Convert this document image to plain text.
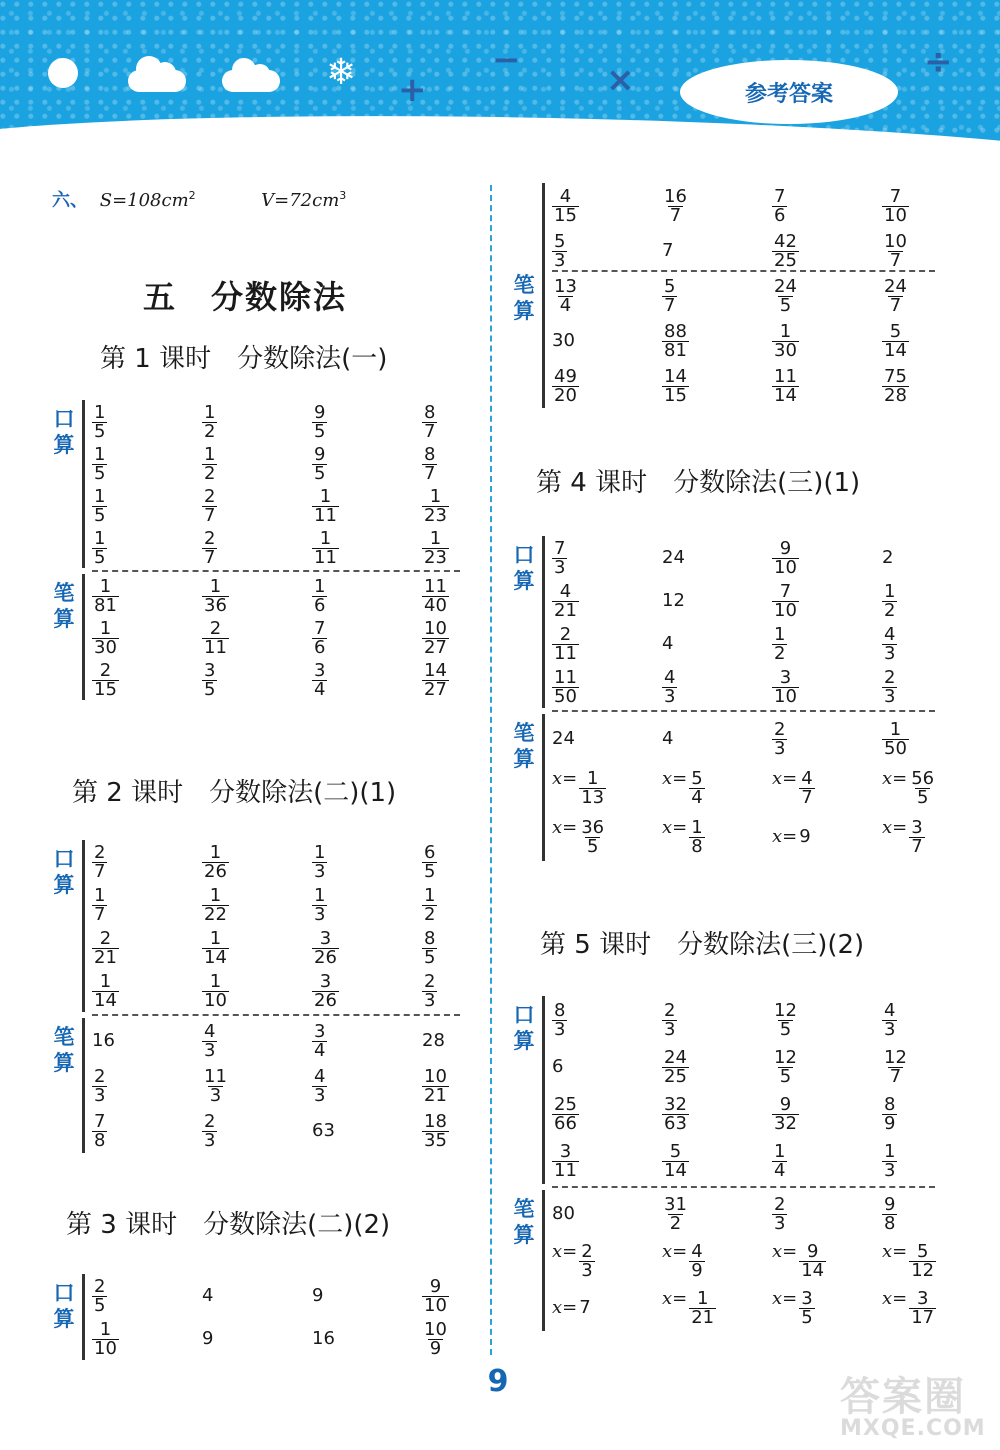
❄ +
−	×	÷
参考答案
六、 $S=108cm^2$	$V=72cm^3$
五　分数除法
第 1 课时　分数除法(一)
口
算
$\frac{1}{5}$	$\frac{1}{2}$	$\frac{9}{5}$	$\frac{8}{7}$
$\frac{1}{5}$	$\frac{1}{2}$	$\frac{9}{5}$	$\frac{8}{7}$
$\frac{1}{5}$	$\frac{2}{7}$	$\frac{1}{11}$	$\frac{1}{23}$
$\frac{1}{5}$	$\frac{2}{7}$	$\frac{1}{11}$	$\frac{1}{23}$
笔
算
$\frac{1}{81}$	$\frac{1}{36}$	$\frac{1}{6}$	$\frac{11}{40}$
$\frac{1}{30}$	$\frac{2}{11}$	$\frac{7}{6}$	$\frac{10}{27}$
$\frac{2}{15}$	$\frac{3}{5}$	$\frac{3}{4}$	$\frac{14}{27}$
第 2 课时　分数除法(二)(1)
口
算
$\frac{2}{7}$	$\frac{1}{26}$	$\frac{1}{3}$	$\frac{6}{5}$
$\frac{1}{7}$	$\frac{1}{22}$	$\frac{1}{3}$	$\frac{1}{2}$
$\frac{2}{21}$	$\frac{1}{14}$	$\frac{3}{26}$	$\frac{8}{5}$
$\frac{1}{14}$	$\frac{1}{10}$	$\frac{3}{26}$	$\frac{2}{3}$
笔
算
16	$\frac{4}{3}$	$\frac{3}{4}$	28
$\frac{2}{3}$	$\frac{11}{3}$	$\frac{4}{3}$	$\frac{10}{21}$
$\frac{7}{8}$	$\frac{2}{3}$	63	$\frac{18}{35}$
第 3 课时　分数除法(二)(2)
口
算
$\frac{2}{5}$	4	9	$\frac{9}{10}$
$\frac{1}{10}$	9	16	$\frac{10}{9}$
$\frac{4}{15}$	$\frac{16}{7}$	$\frac{7}{6}$	$\frac{7}{10}$
$\frac{5}{3}$	7	$\frac{42}{25}$	$\frac{10}{7}$
$\frac{13}{4}$	$\frac{5}{7}$	$\frac{24}{5}$	$\frac{24}{7}$
30	$\frac{88}{81}$	$\frac{1}{30}$	$\frac{5}{14}$
$\frac{49}{20}$	$\frac{14}{15}$	$\frac{11}{14}$	$\frac{75}{28}$
笔
算
第 4 课时　分数除法(三)(1)
口
算
$\frac{7}{3}$	24	$\frac{9}{10}$	2
$\frac{4}{21}$	12	$\frac{7}{10}$	$\frac{1}{2}$
$\frac{2}{11}$	4	$\frac{1}{2}$	$\frac{4}{3}$
$\frac{11}{50}$	$\frac{4}{3}$	$\frac{3}{10}$	$\frac{2}{3}$
笔
算
24	4	$\frac{2}{3}$	$\frac{1}{50}$
$x= \frac{1}{13}$	$x= \frac{5}{4}$	$x= \frac{4}{7}$	$x= \frac{56}{5}$
$x= \frac{36}{5}$	$x= \frac{1}{8}$	x= 9	$x= \frac{3}{7}$
第 5 课时　分数除法(三)(2)
口
算
$\frac{8}{3}$	$\frac{2}{3}$	$\frac{12}{5}$	$\frac{4}{3}$
6	$\frac{24}{25}$	$\frac{12}{5}$	$\frac{12}{7}$
$\frac{25}{66}$	$\frac{32}{63}$	$\frac{9}{32}$	$\frac{8}{9}$
$\frac{3}{11}$	$\frac{5}{14}$	$\frac{1}{4}$	$\frac{1}{3}$
笔
算
80	$\frac{31}{2}$	$\frac{2}{3}$	$\frac{9}{8}$
$x= \frac{2}{3}$	$x= \frac{4}{9}$	$x= \frac{9}{14}$	$x= \frac{5}{12}$
x= 7	$x= \frac{1}{21}$	$x= \frac{3}{5}$	$x= \frac{3}{17}$
9	答案圈
MXQE.COM
